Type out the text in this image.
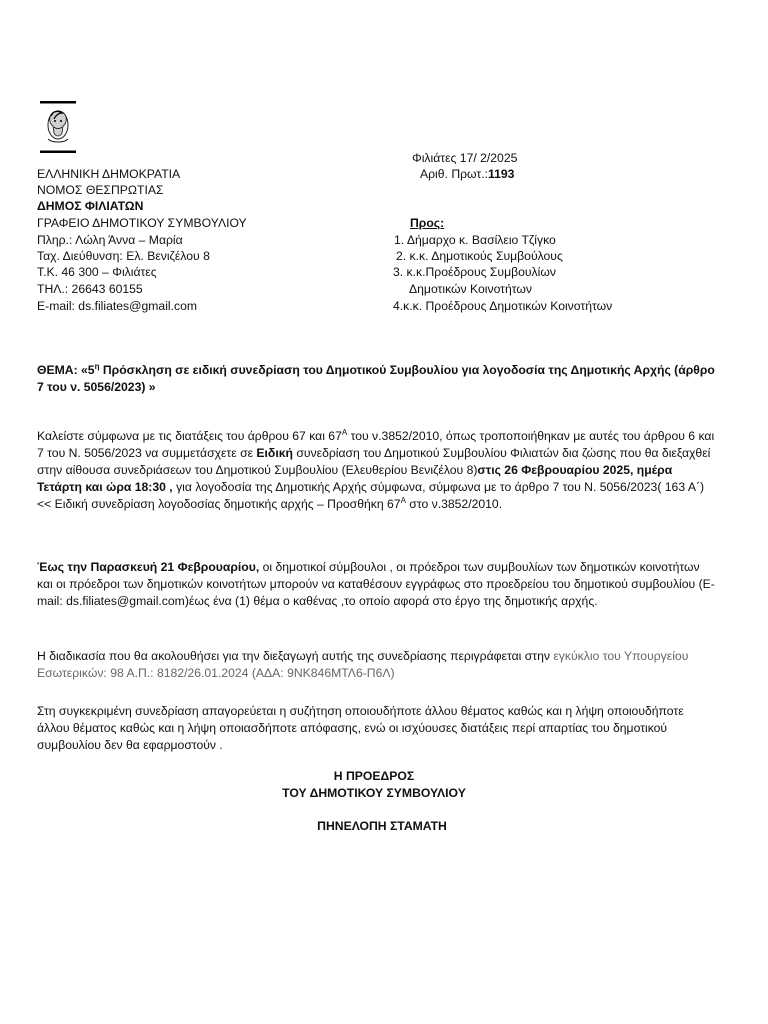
Φιλιάτες 17/ 2/2025
Αριθ. Πρωτ.:1193
ΕΛΛΗΝΙΚΗ ΔΗΜΟΚΡΑΤΙΑ
ΝΟΜΟΣ ΘΕΣΠΡΩΤΙΑΣ
ΔΗΜΟΣ ΦΙΛΙΑΤΩΝ
ΓΡΑΦΕΙΟ ΔΗΜΟΤΙΚΟΥ ΣΥΜΒΟΥΛΙΟΥ
Πληρ.: Λώλη Άννα – Μαρία
Ταχ. Διεύθυνση: Ελ. Βενιζέλου 8
Τ.Κ. 46 300 – Φιλιάτες
ΤΗΛ.: 26643 60155
E-mail: ds.filiates@gmail.com
Προς:
1. Δήμαρχο κ. Βασίλειο Τζίγκο
2. κ.κ. Δημοτικούς Συμβούλους
3. κ.κ.Προέδρους Συμβουλίων
Δημοτικών Κοινοτήτων
4.κ.κ. Προέδρους Δημοτικών Κοινοτήτων
ΘΕΜΑ: «$5^\eta$ Πρόσκληση σε ειδική συνεδρίαση του Δημοτικού Συμβουλίου για λογοδοσία της Δημοτικής Αρχής (άρθρο 7 του ν. 5056/2023) »
Καλείστε σύμφωνα με τις διατάξεις του άρθρου 67 και $67^A$ του ν.3852/2010, όπως τροποποιήθηκαν με αυτές του άρθρου 6 και 7 του Ν. 5056/2023 να συμμετάσχετε σε Ειδική συνεδρίαση του Δημοτικού Συμβουλίου Φιλιατών δια ζώσης που θα διεξαχθεί στην αίθουσα συνεδριάσεων του Δημοτικού Συμβουλίου (Ελευθερίου Βενιζέλου 8)στις 26 Φεβρουαρίου 2025, ημέρα Τετάρτη και ώρα 18:30 , για λογοδοσία της Δημοτικής Αρχής σύμφωνα, σύμφωνα με το άρθρο 7 του Ν. 5056/2023( 163 Α΄)<< Ειδική συνεδρίαση λογοδοσίας δημοτικής αρχής – Προσθήκη $67^A$ στο ν.3852/2010.
Έως την Παρασκευή 21 Φεβρουαρίου, οι δημοτικοί σύμβουλοι , οι πρόεδροι των συμβουλίων των δημοτικών κοινοτήτων και οι πρόεδροι των δημοτικών κοινοτήτων μπορούν να καταθέσουν εγγράφως στο προεδρείου του δημοτικού συμβουλίου (E-mail: ds.filiates@gmail.com)έως ένα (1) θέμα ο καθένας ,το οποίο αφορά στο έργο της δημοτικής αρχής.
Η διαδικασία που θα ακολουθήσει για την διεξαγωγή αυτής της συνεδρίασης περιγράφεται στην εγκύκλιο του Υπουργείου Εσωτερικών: 98 Α.Π.: 8182/26.01.2024 (ΑΔΑ: 9ΝΚ846ΜΤΛ6-Π6Λ)
Στη συγκεκριμένη συνεδρίαση απαγορεύεται η συζήτηση οποιουδήποτε άλλου θέματος καθώς και η λήψη οποιουδήποτε άλλου θέματος καθώς και η λήψη οποιασδήποτε απόφασης, ενώ οι ισχύουσες διατάξεις περί απαρτίας του δημοτικού συμβουλίου δεν θα εφαρμοστούν .
Η ΠΡΟΕΔΡΟΣ
ΤΟΥ ΔΗΜΟΤΙΚΟΥ ΣΥΜΒΟΥΛΙΟΥ
ΠΗΝΕΛΟΠΗ ΣΤΑΜΑΤΗ
